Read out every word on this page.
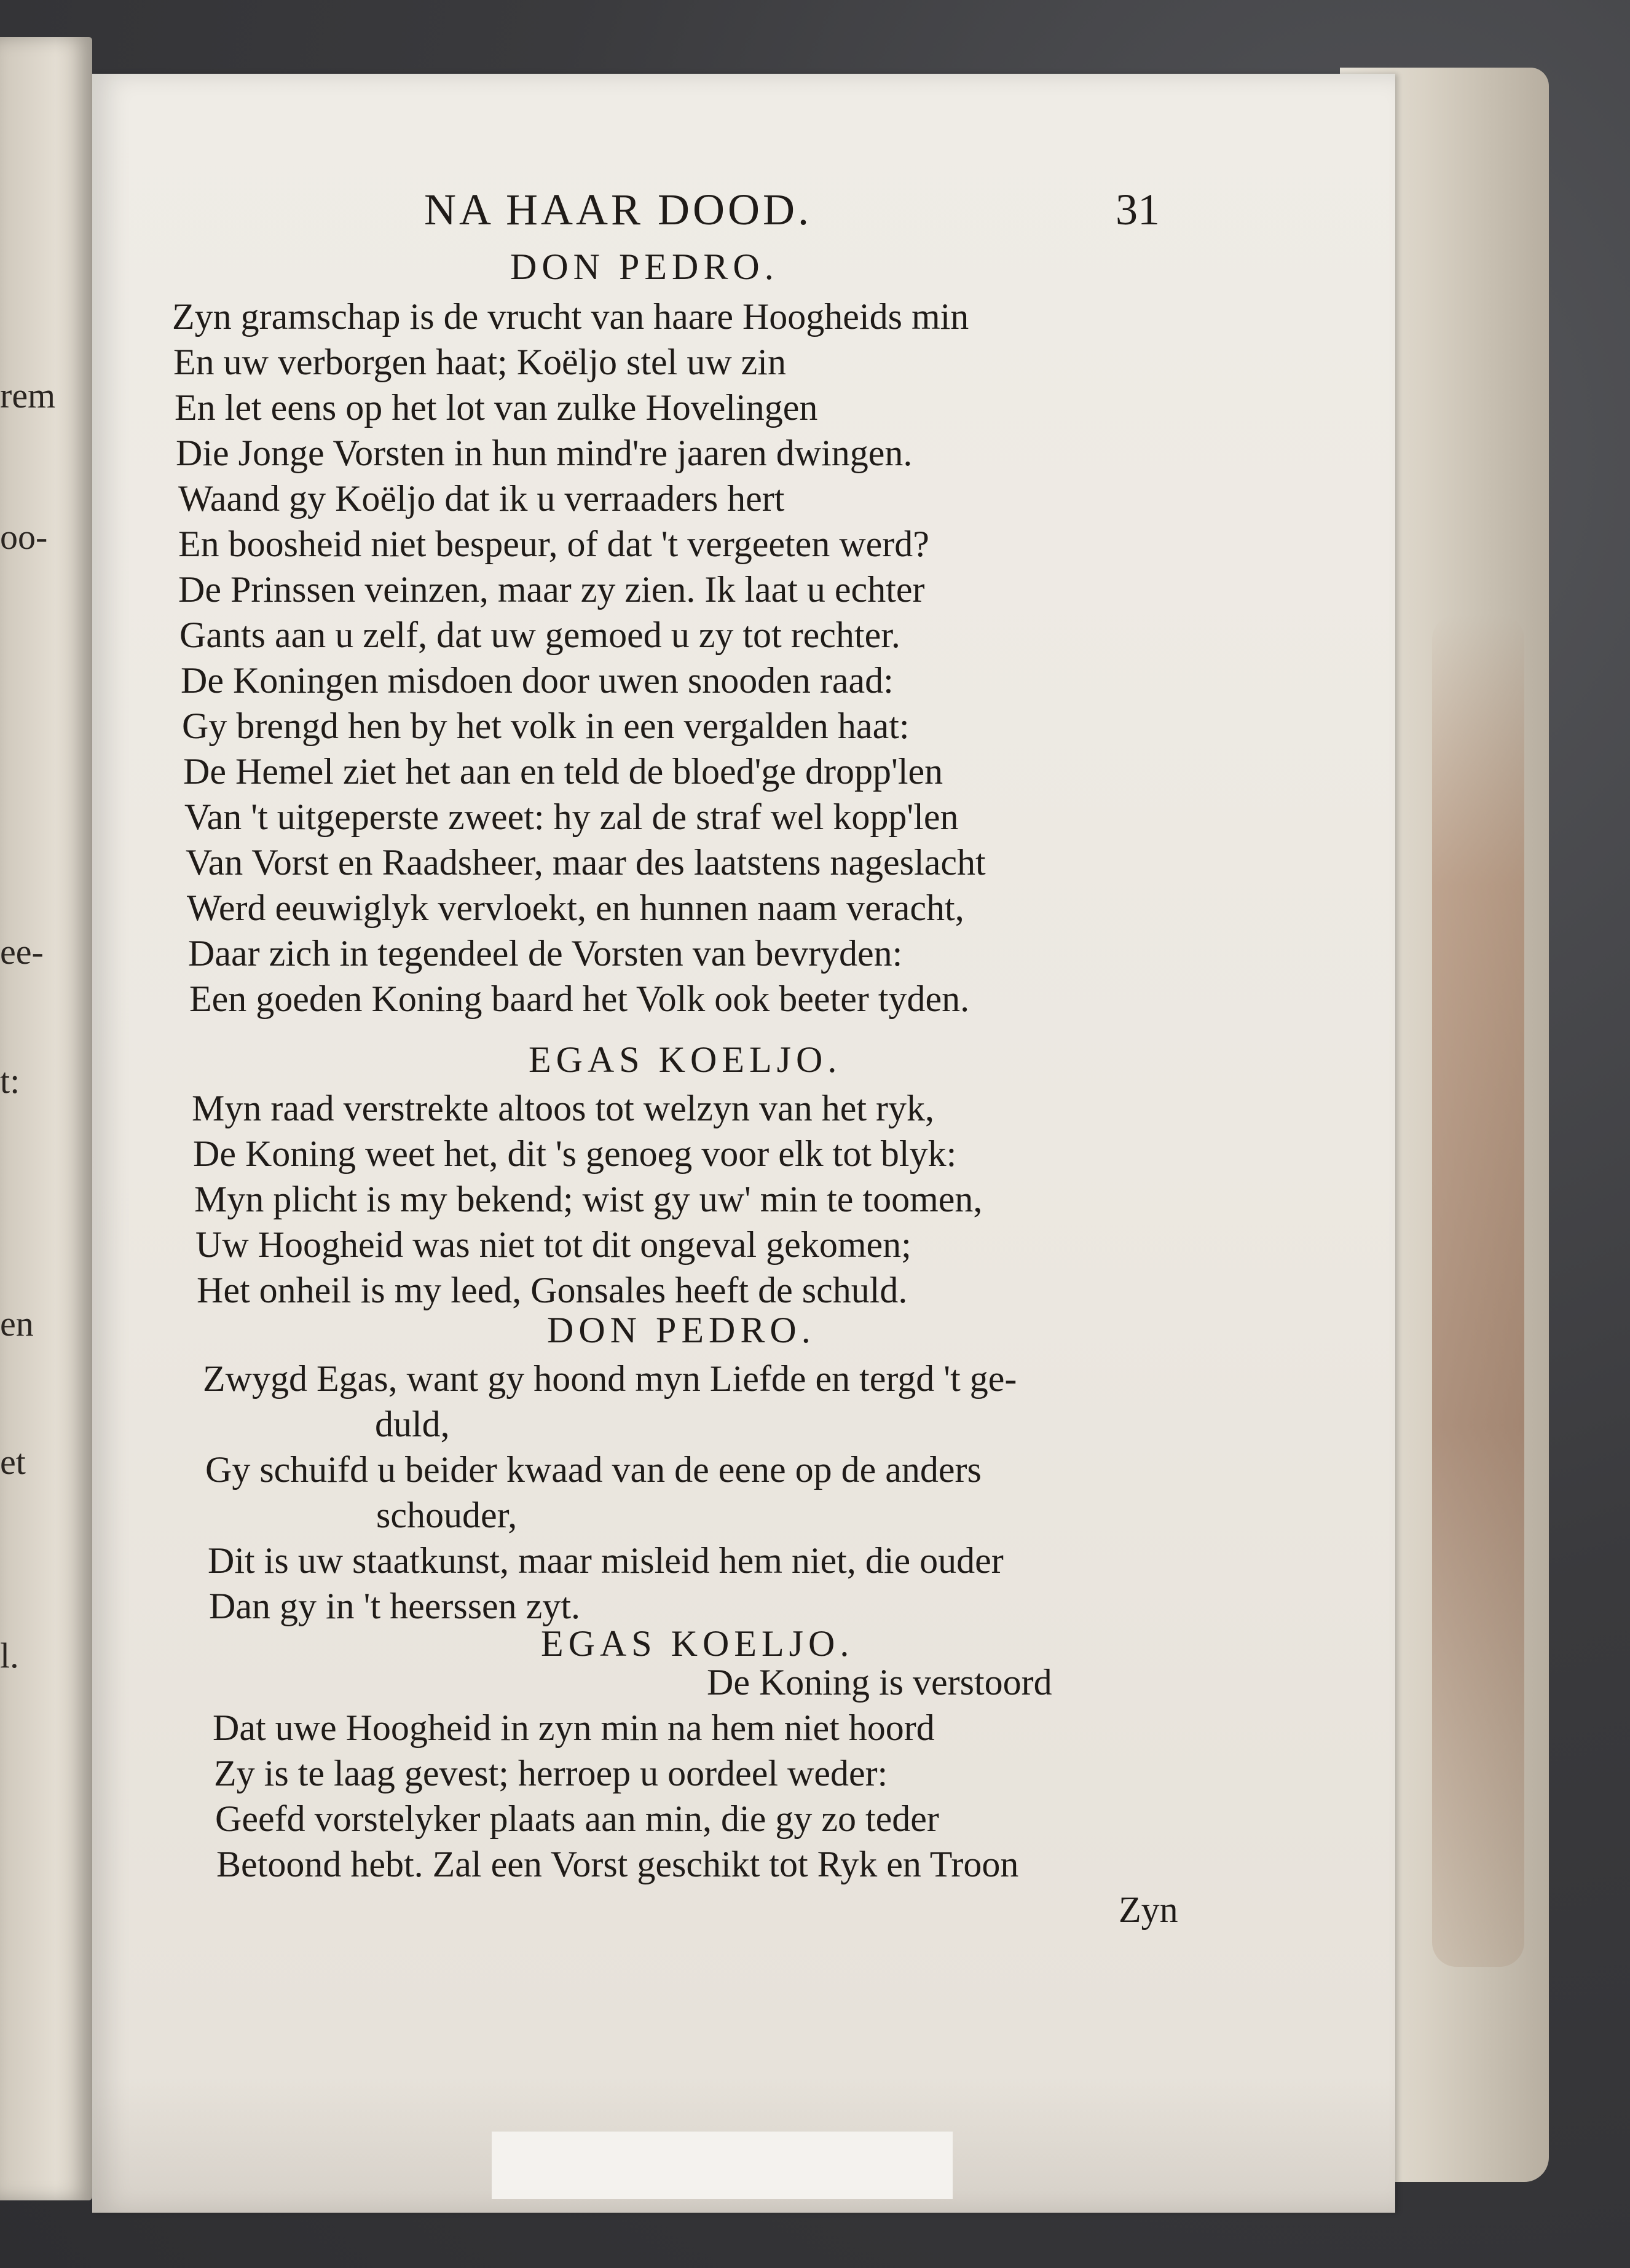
rem
oo-
ee-
t:
en
et
l.
NA HAAR DOOD.	31
DON PEDRO.
Zyn gramschap is de vrucht van haare Hoogheids min
En uw verborgen haat; Koëljo stel uw zin
En let eens op het lot van zulke Hovelingen
Die Jonge Vorsten in hun mind're jaaren dwingen.
Waand gy Koëljo dat ik u verraaders hert
En boosheid niet bespeur, of dat 't vergeeten werd?
De Prinssen veinzen, maar zy zien. Ik laat u echter
Gants aan u zelf, dat uw gemoed u zy tot rechter.
De Koningen misdoen door uwen snooden raad:
Gy brengd hen by het volk in een vergalden haat:
De Hemel ziet het aan en teld de bloed'ge dropp'len
Van 't uitgeperste zweet: hy zal de straf wel kopp'len
Van Vorst en Raadsheer, maar des laatstens nageslacht
Werd eeuwiglyk vervloekt, en hunnen naam veracht,
Daar zich in tegendeel de Vorsten van bevryden:
Een goeden Koning baard het Volk ook beeter tyden.
EGAS KOELJO.
Myn raad verstrekte altoos tot welzyn van het ryk,
De Koning weet het, dit 's genoeg voor elk tot blyk:
Myn plicht is my bekend; wist gy uw' min te toomen,
Uw Hoogheid was niet tot dit ongeval gekomen;
Het onheil is my leed, Gonsales heeft de schuld.
DON PEDRO.
Zwygd Egas, want gy hoond myn Liefde en tergd 't ge-
duld,
Gy schuifd u beider kwaad van de eene op de anders
schouder,
Dit is uw staatkunst, maar misleid hem niet, die ouder
Dan gy in 't heerssen zyt.
EGAS KOELJO.
De Koning is verstoord
Dat uwe Hoogheid in zyn min na hem niet hoord
Zy is te laag gevest; herroep u oordeel weder:
Geefd vorstelyker plaats aan min, die gy zo teder
Betoond hebt. Zal een Vorst geschikt tot Ryk en Troon
Zyn
